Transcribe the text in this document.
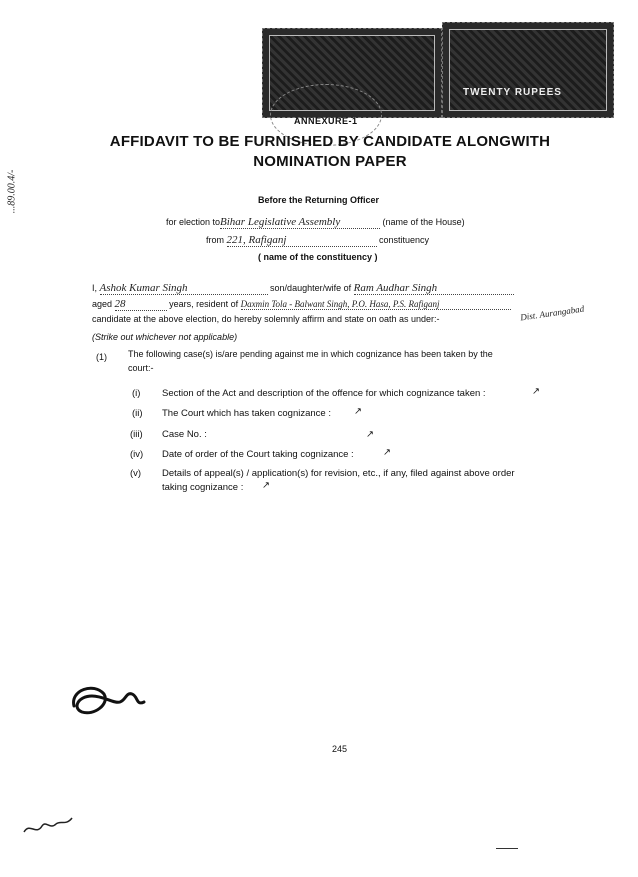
TWENTY RUPEES
ANNEXURE-1
AFFIDAVIT TO BE FURNISHED BY CANDIDATE ALONGWITH
NOMINATION PAPER
Before the Returning Officer
for election toBihar Legislative Assembly	(name of the House)
from 221, Rafiganj	constituency
( name of the constituency )
I, Ashok Kumar Singh	son/daughter/wife of Ram Audhar Singh
aged 28	years, resident of Daxmin Tola - Balwant Singh, P.O. Hasa, P.S. Rafiganj	Dist. Aurangabad
candidate at the above election, do hereby solemnly affirm and state on oath as under:-
(Strike out whichever not applicable)
(1) The following case(s) is/are pending against me in which cognizance has been taken by the
court:-
(i) Section of the Act and description of the offence for which cognizance taken :	↗
(ii) The Court which has taken cognizance : ↗
(iii) Case No. :	↗
(iv) Date of order of the Court taking cognizance :	↗
(v) Details of appeal(s) / application(s) for revision, etc., if any, filed against above order
taking cognizance : ↗
245
...89.00.4/-
